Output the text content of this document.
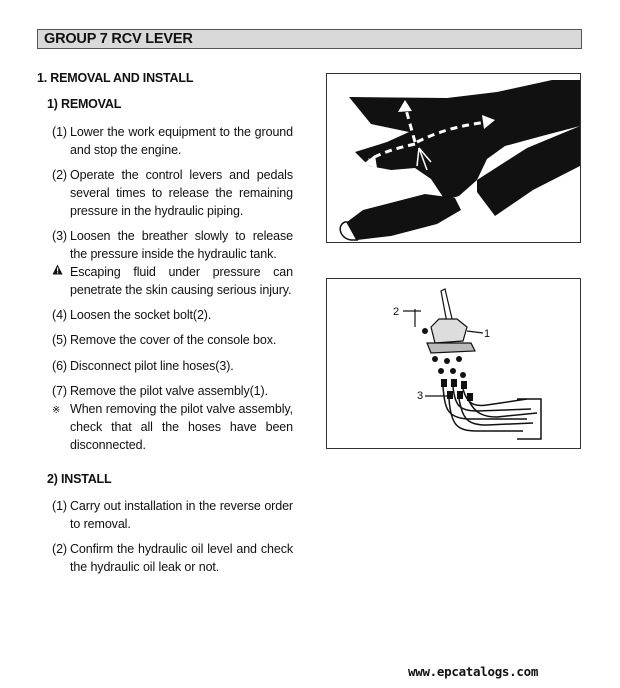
GROUP 7 RCV LEVER
1. REMOVAL AND INSTALL
1) REMOVAL
(1) Lower the work equipment to the ground and stop the engine.
(2) Operate the control levers and pedals several times to release the remaining pressure in the hydraulic piping.
(3) Loosen the breather slowly to release the pressure inside the hydraulic tank.
Escaping fluid under pressure can penetrate the skin causing serious injury.
(4) Loosen the socket bolt(2).
(5) Remove the cover of the console box.
(6) Disconnect pilot line hoses(3).
(7) Remove the pilot valve assembly(1).
※ When removing the pilot valve assembly, check that all the hoses have been disconnected.
2) INSTALL
(1) Carry out installation in the reverse order to removal.
(2) Confirm the hydraulic oil level and check the hydraulic oil leak or not.
2
1
3
www.epcatalogs.com
